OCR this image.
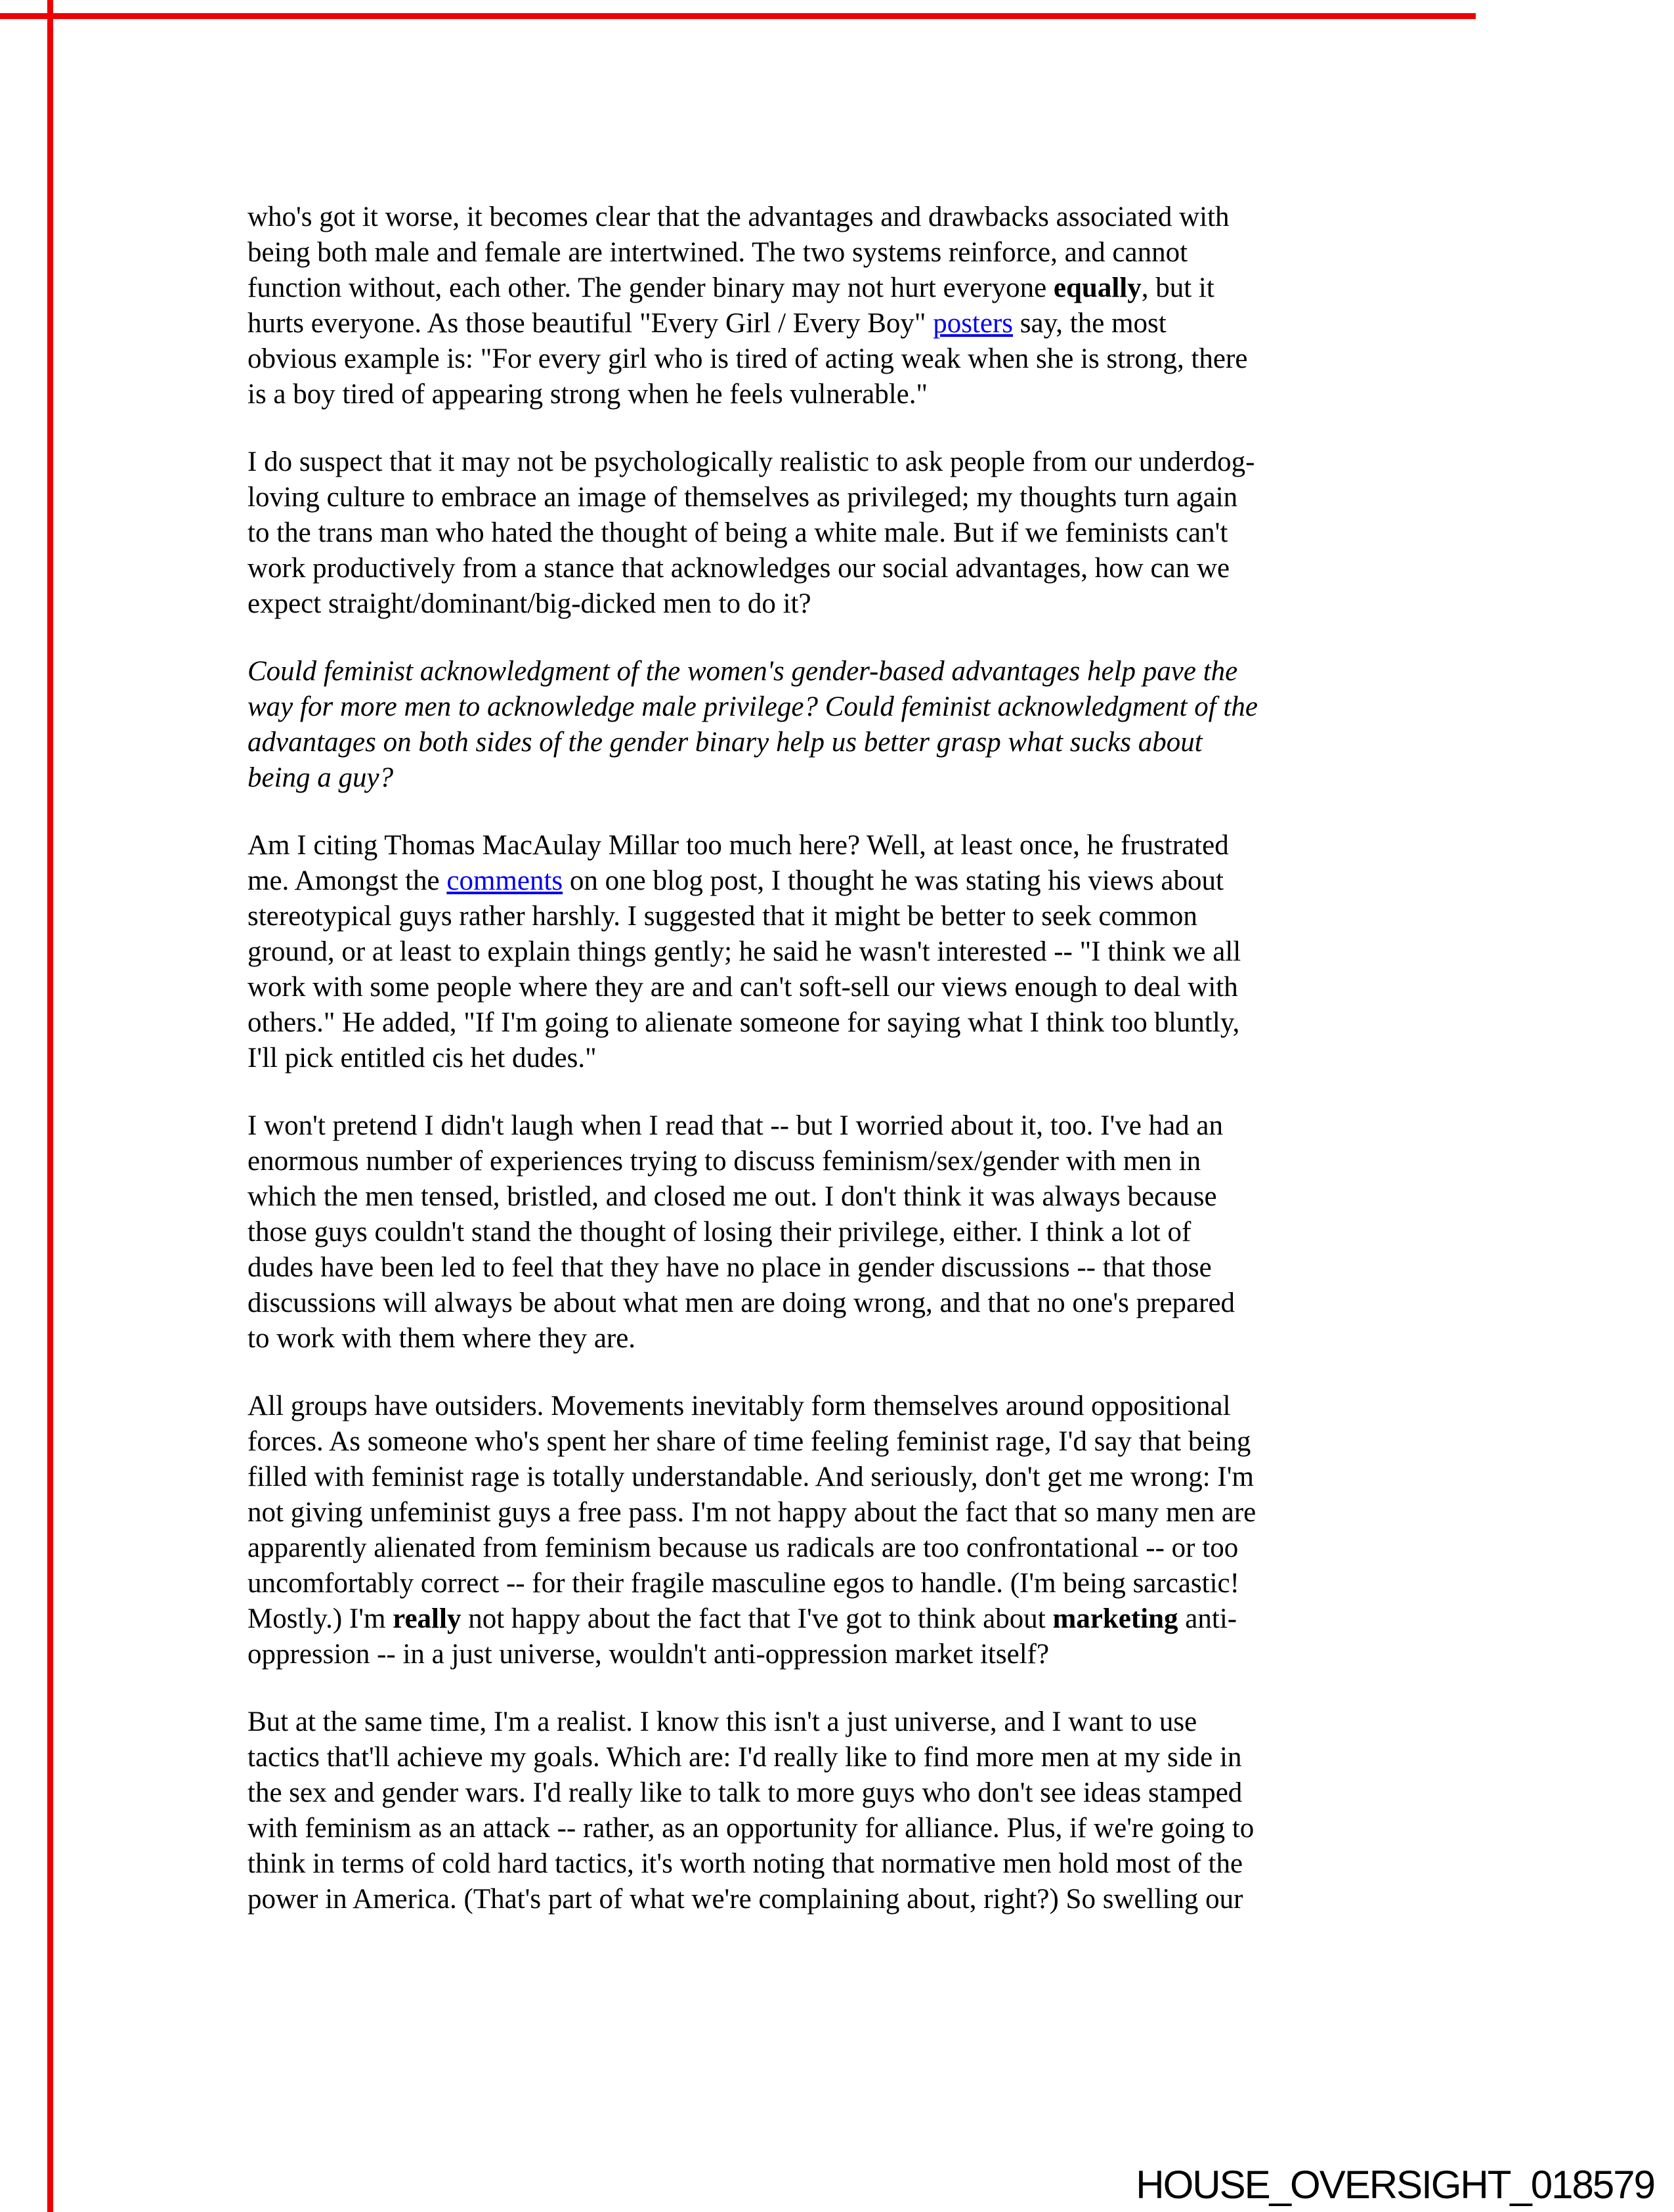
who's got it worse, it becomes clear that the advantages and drawbacks associated with
being both male and female are intertwined. The two systems reinforce, and cannot
function without, each other. The gender binary may not hurt everyone equally, but it
hurts everyone. As those beautiful "Every Girl / Every Boy" posters say, the most
obvious example is: "For every girl who is tired of acting weak when she is strong, there
is a boy tired of appearing strong when he feels vulnerable."
I do suspect that it may not be psychologically realistic to ask people from our underdog-
loving culture to embrace an image of themselves as privileged; my thoughts turn again
to the trans man who hated the thought of being a white male. But if we feminists can't
work productively from a stance that acknowledges our social advantages, how can we
expect straight/dominant/big-dicked men to do it?
Could feminist acknowledgment of the women's gender-based advantages help pave the
way for more men to acknowledge male privilege? Could feminist acknowledgment of the
advantages on both sides of the gender binary help us better grasp what sucks about
being a guy?
Am I citing Thomas MacAulay Millar too much here? Well, at least once, he frustrated
me. Amongst the comments on one blog post, I thought he was stating his views about
stereotypical guys rather harshly. I suggested that it might be better to seek common
ground, or at least to explain things gently; he said he wasn't interested -- "I think we all
work with some people where they are and can't soft-sell our views enough to deal with
others." He added, "If I'm going to alienate someone for saying what I think too bluntly,
I'll pick entitled cis het dudes."
I won't pretend I didn't laugh when I read that -- but I worried about it, too. I've had an
enormous number of experiences trying to discuss feminism/sex/gender with men in
which the men tensed, bristled, and closed me out. I don't think it was always because
those guys couldn't stand the thought of losing their privilege, either. I think a lot of
dudes have been led to feel that they have no place in gender discussions -- that those
discussions will always be about what men are doing wrong, and that no one's prepared
to work with them where they are.
All groups have outsiders. Movements inevitably form themselves around oppositional
forces. As someone who's spent her share of time feeling feminist rage, I'd say that being
filled with feminist rage is totally understandable. And seriously, don't get me wrong: I'm
not giving unfeminist guys a free pass. I'm not happy about the fact that so many men are
apparently alienated from feminism because us radicals are too confrontational -- or too
uncomfortably correct -- for their fragile masculine egos to handle. (I'm being sarcastic!
Mostly.) I'm really not happy about the fact that I've got to think about marketing anti-
oppression -- in a just universe, wouldn't anti-oppression market itself?
But at the same time, I'm a realist. I know this isn't a just universe, and I want to use
tactics that'll achieve my goals. Which are: I'd really like to find more men at my side in
the sex and gender wars. I'd really like to talk to more guys who don't see ideas stamped
with feminism as an attack -- rather, as an opportunity for alliance. Plus, if we're going to
think in terms of cold hard tactics, it's worth noting that normative men hold most of the
power in America. (That's part of what we're complaining about, right?) So swelling our
HOUSE_OVERSIGHT_018579
